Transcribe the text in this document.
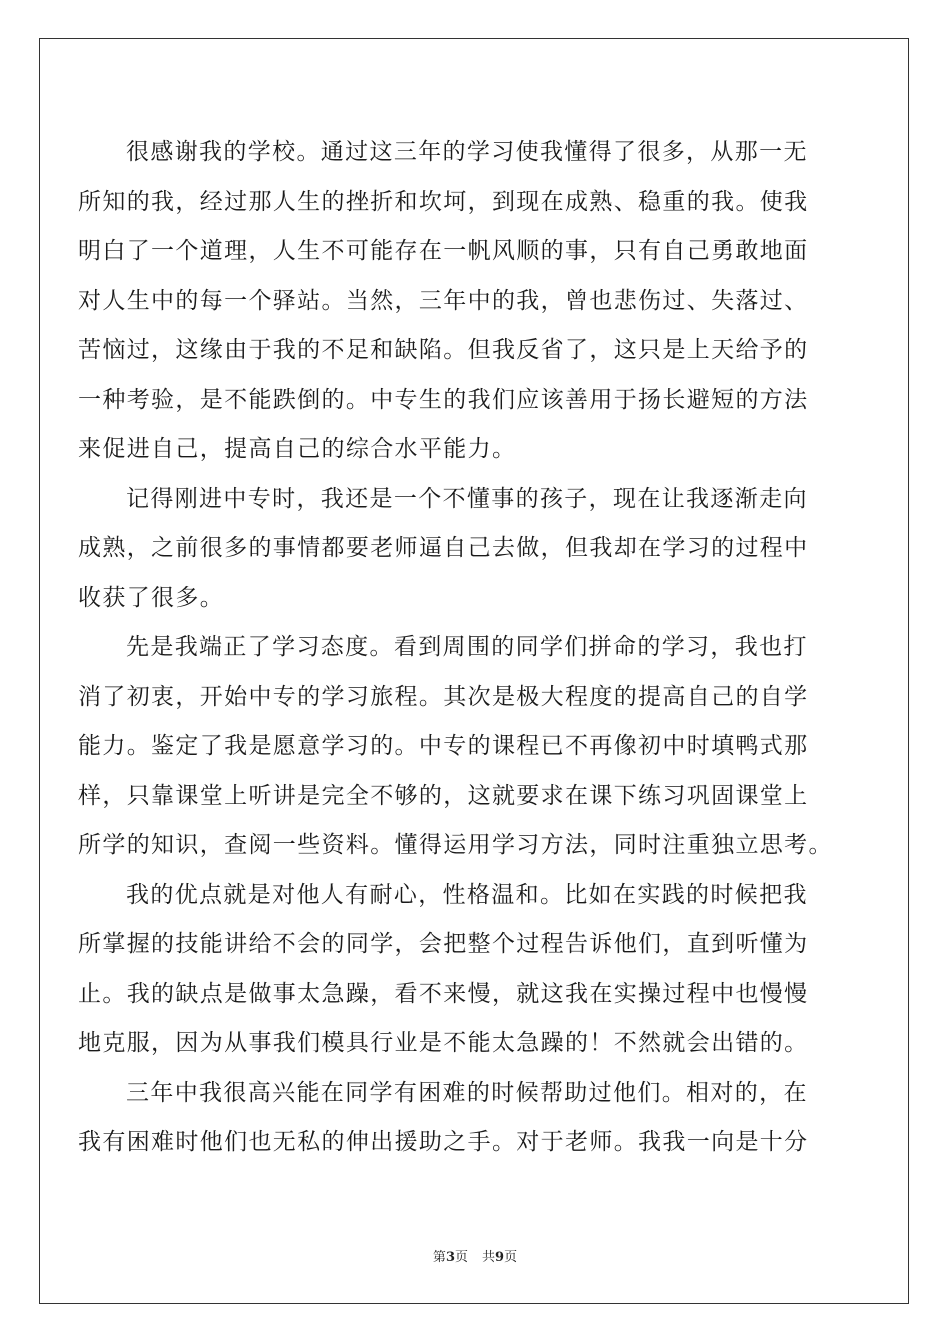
很感谢我的学校。通过这三年的学习使我懂得了很多，从那一无
所知的我，经过那人生的挫折和坎坷，到现在成熟、稳重的我。使我
明白了一个道理，人生不可能存在一帆风顺的事，只有自己勇敢地面
对人生中的每一个驿站。当然，三年中的我，曾也悲伤过、失落过、
苦恼过，这缘由于我的不足和缺陷。但我反省了，这只是上天给予的
一种考验，是不能跌倒的。中专生的我们应该善用于扬长避短的方法
来促进自己，提高自己的综合水平能力。
记得刚进中专时，我还是一个不懂事的孩子，现在让我逐渐走向
成熟，之前很多的事情都要老师逼自己去做，但我却在学习的过程中
收获了很多。
先是我端正了学习态度。看到周围的同学们拼命的学习，我也打
消了初衷，开始中专的学习旅程。其次是极大程度的提高自己的自学
能力。鉴定了我是愿意学习的。中专的课程已不再像初中时填鸭式那
样，只靠课堂上听讲是完全不够的，这就要求在课下练习巩固课堂上
所学的知识，查阅一些资料。懂得运用学习方法，同时注重独立思考。
我的优点就是对他人有耐心，性格温和。比如在实践的时候把我
所掌握的技能讲给不会的同学，会把整个过程告诉他们，直到听懂为
止。我的缺点是做事太急躁，看不来慢，就这我在实操过程中也慢慢
地克服，因为从事我们模具行业是不能太急躁的！不然就会出错的。
三年中我很高兴能在同学有困难的时候帮助过他们。相对的，在
我有困难时他们也无私的伸出援助之手。对于老师。我我一向是十分
第3页 共9页
